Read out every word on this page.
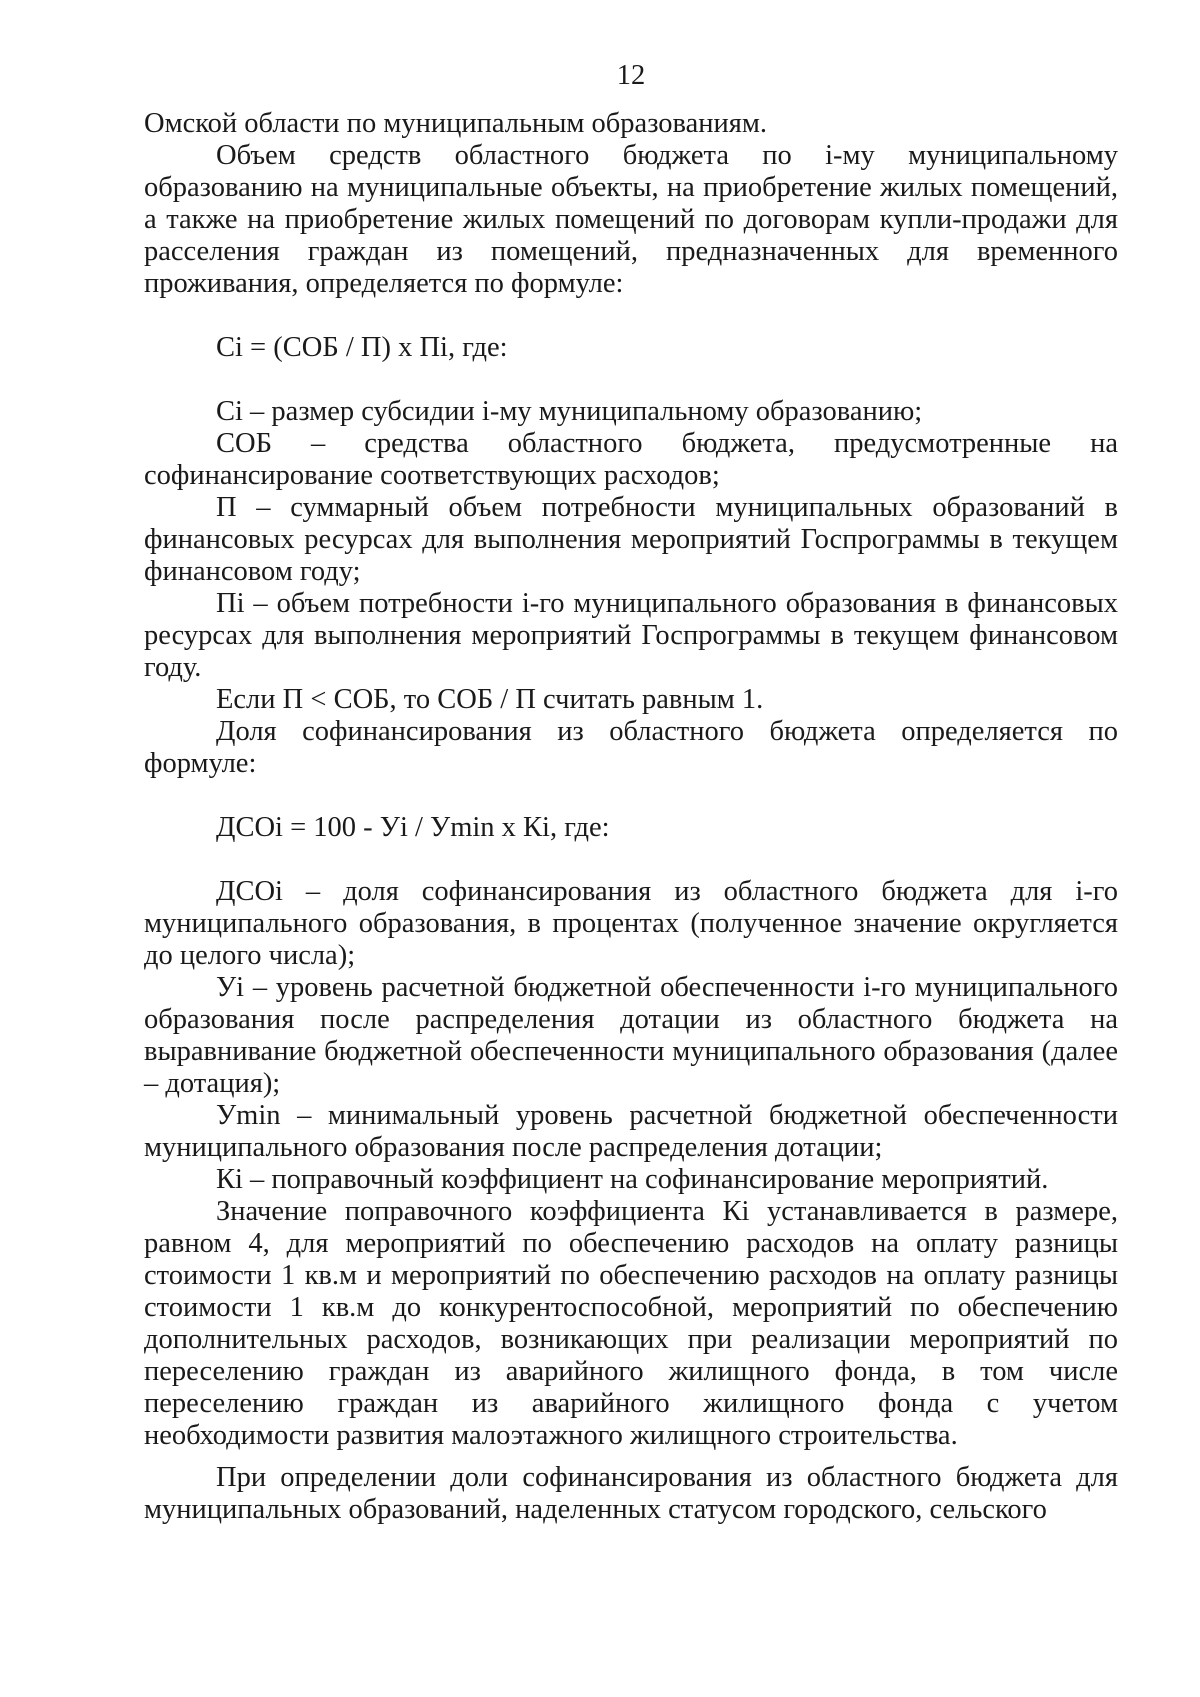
12

Омской области по муниципальным образованиям.

Объем средств областного бюджета по i-му муниципальному образованию на муниципальные объекты, на приобретение жилых помещений, а также на приобретение жилых помещений по договорам купли-продажи для расселения граждан из помещений, предназначенных для временного проживания, определяется по формуле:

Сi = (СОБ / П) х Пi, где:

Сi – размер субсидии i-му муниципальному образованию;

СОБ – средства областного бюджета, предусмотренные на софинансирование соответствующих расходов;

П – суммарный объем потребности муниципальных образований в финансовых ресурсах для выполнения мероприятий Госпрограммы в текущем финансовом году;

Пi – объем потребности i-го муниципального образования в финансовых ресурсах для выполнения мероприятий Госпрограммы в текущем финансовом году.

Если П < СОБ, то СОБ / П считать равным 1.

Доля софинансирования из областного бюджета определяется по формуле:

ДСОi = 100 - Уi / Уmin х Кi, где:

ДСОi – доля софинансирования из областного бюджета для i-го муниципального образования, в процентах (полученное значение округляется до целого числа);

Уi – уровень расчетной бюджетной обеспеченности i-го муниципального образования после распределения дотации из областного бюджета на выравнивание бюджетной обеспеченности муниципального образования (далее – дотация);

Уmin – минимальный уровень расчетной бюджетной обеспеченности муниципального образования после распределения дотации;

Кi – поправочный коэффициент на софинансирование мероприятий.

Значение поправочного коэффициента Кi устанавливается в размере, равном 4, для мероприятий по обеспечению расходов на оплату разницы стоимости 1 кв.м и мероприятий по обеспечению расходов на оплату разницы стоимости 1 кв.м до конкурентоспособной, мероприятий по обеспечению дополнительных расходов, возникающих при реализации мероприятий по переселению граждан из аварийного жилищного фонда, в том числе переселению граждан из аварийного жилищного фонда с учетом необходимости развития малоэтажного жилищного строительства.

При определении доли софинансирования из областного бюджета для муниципальных образований, наделенных статусом городского, сельского
